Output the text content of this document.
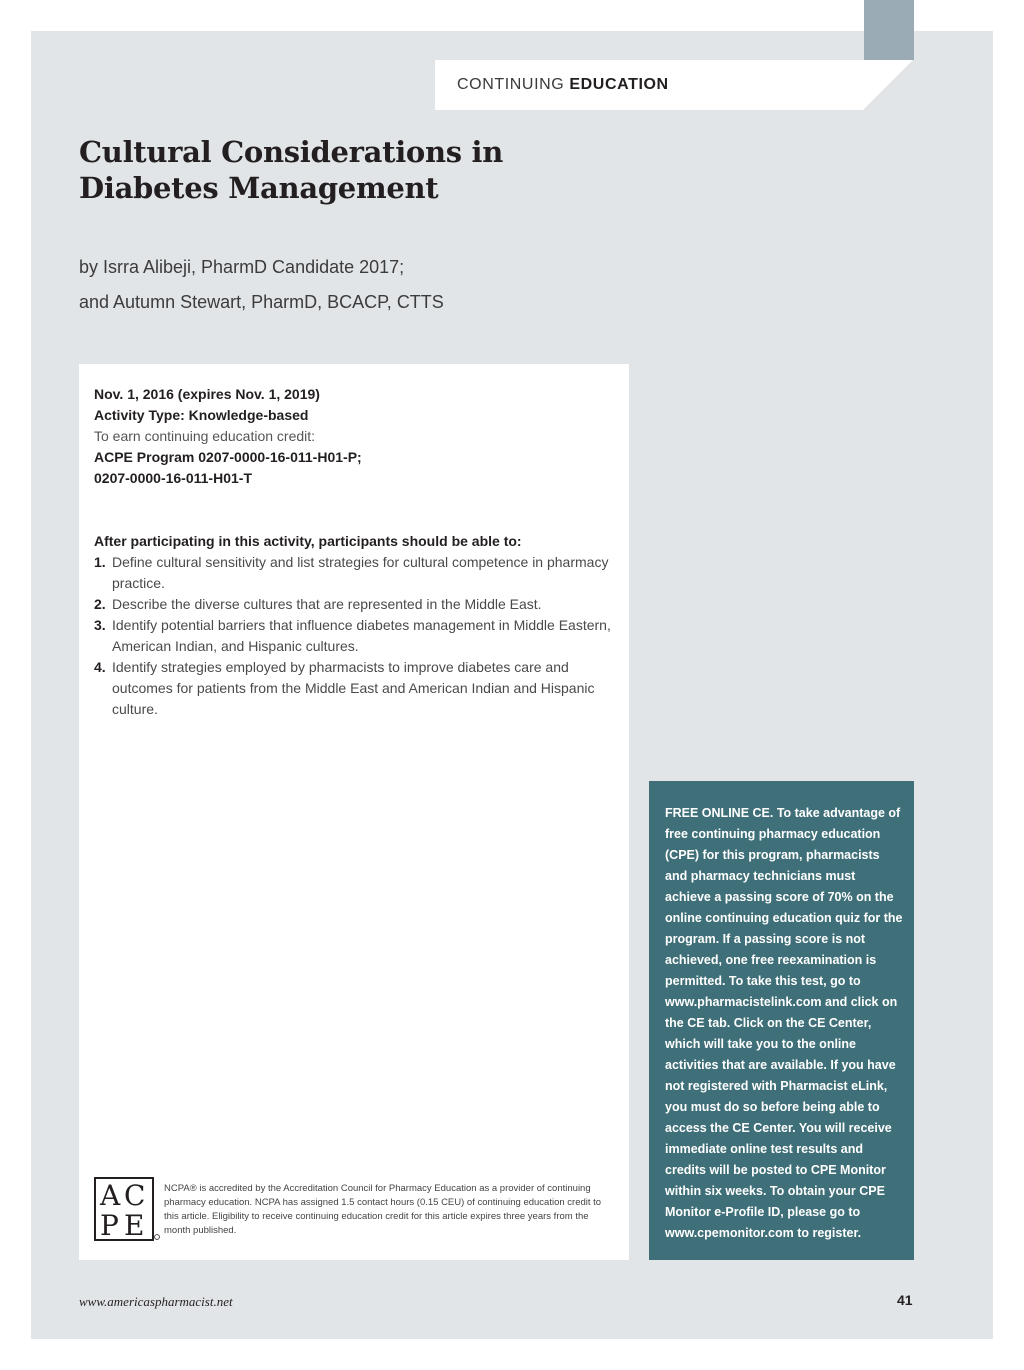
CONTINUING EDUCATION
Cultural Considerations in
Diabetes Management
by Isrra Alibeji, PharmD Candidate 2017;
and Autumn Stewart, PharmD, BCACP, CTTS
Nov. 1, 2016 (expires Nov. 1, 2019)
Activity Type: Knowledge-based
To earn continuing education credit:
ACPE Program 0207-0000-16-011-H01-P;
0207-0000-16-011-H01-T
After participating in this activity, participants should be able to:
1. Define cultural sensitivity and list strategies for cultural competence in pharmacy practice.
2. Describe the diverse cultures that are represented in the Middle East.
3. Identify potential barriers that influence diabetes management in Middle Eastern, American Indian, and Hispanic cultures.
4. Identify strategies employed by pharmacists to improve diabetes care and outcomes for patients from the Middle East and American Indian and Hispanic culture.
A C
P E
NCPA® is accredited by the Accreditation Council for Pharmacy Education as a provider of continuing pharmacy education. NCPA has assigned 1.5 contact hours (0.15 CEU) of continuing education credit to this article. Eligibility to receive continuing education credit for this article expires three years from the month published.
FREE ONLINE CE. To take advantage of free continuing pharmacy education (CPE) for this program, pharmacists and pharmacy technicians must achieve a passing score of 70% on the online continuing education quiz for the program. If a passing score is not achieved, one free reexamination is permitted. To take this test, go to www.pharmacistelink.com and click on the CE tab. Click on the CE Center, which will take you to the online activities that are available. If you have not registered with Pharmacist eLink, you must do so before being able to access the CE Center. You will receive immediate online test results and credits will be posted to CPE Monitor within six weeks. To obtain your CPE Monitor e-Profile ID, please go to www.cpemonitor.com to register.
www.americaspharmacist.net	41
